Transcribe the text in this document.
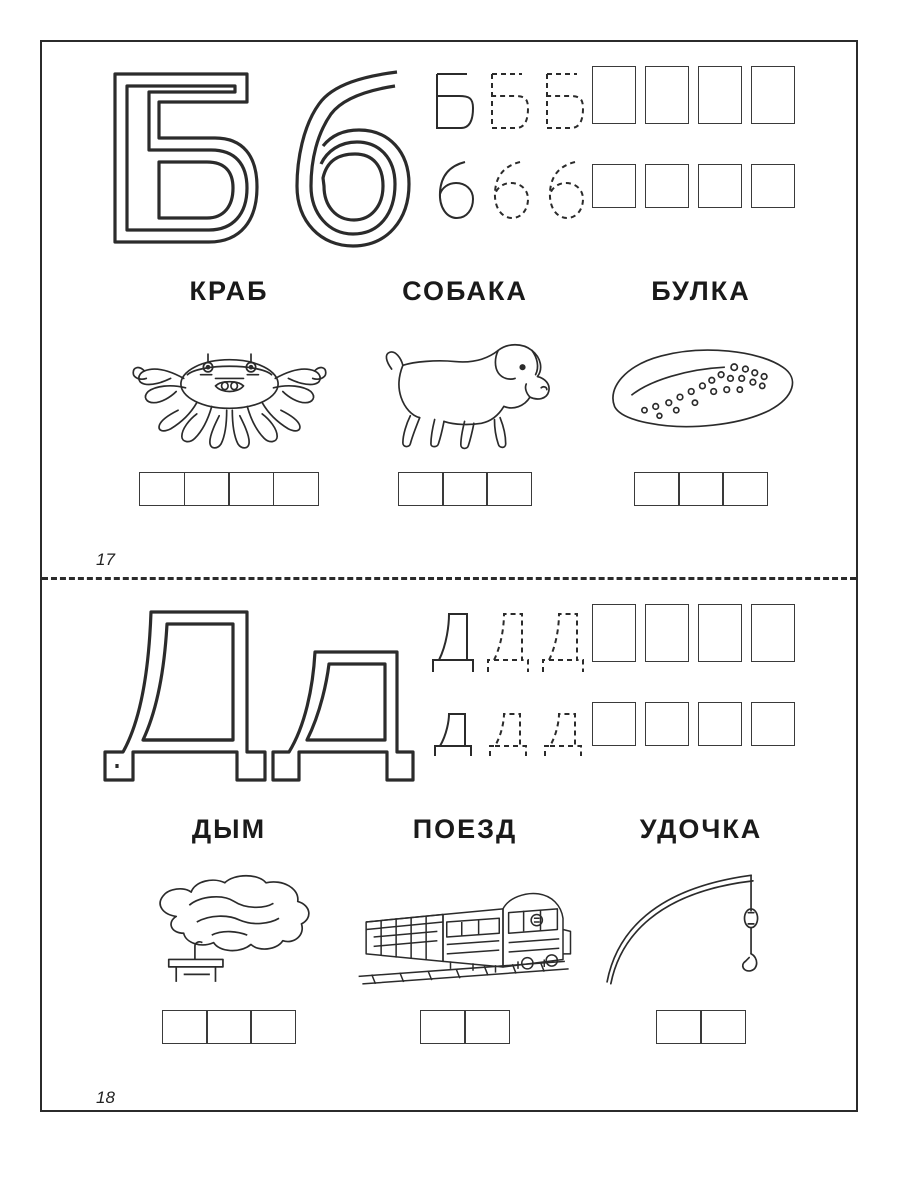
КРАБ	СОБАКА	БУЛКА
17
ДЫМ	ПОЕЗД	УДОЧКА
18
